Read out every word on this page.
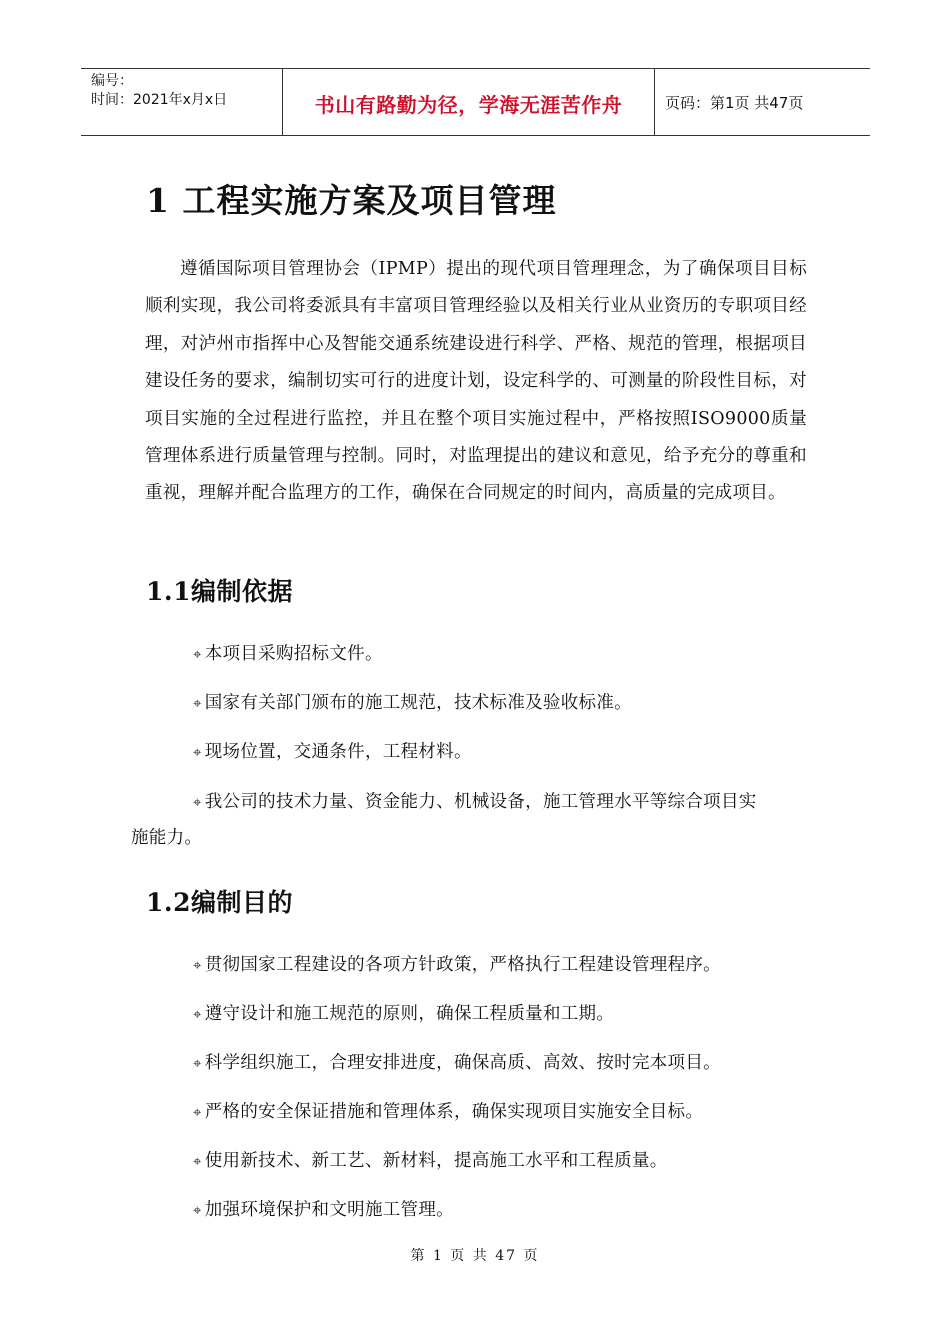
编号：
时间：2021年x月x日	书山有路勤为径，学海无涯苦作舟	页码：第1页 共47页
1 工程实施方案及项目管理

遵循国际项目管理协会（IPMP）提出的现代项目管理理念，为了确保项目目标顺利实现，我公司将委派具有丰富项目管理经验以及相关行业从业资历的专职项目经理，对泸州市指挥中心及智能交通系统建设进行科学、严格、规范的管理，根据项目建设任务的要求，编制切实可行的进度计划，设定科学的、可测量的阶段性目标，对项目实施的全过程进行监控，并且在整个项目实施过程中，严格按照ISO9000质量管理体系进行质量管理与控制。同时，对监理提出的建议和意见，给予充分的尊重和重视，理解并配合监理方的工作，确保在合同规定的时间内，高质量的完成项目。

1.1编制依据

⌖ 本项目采购招标文件。

⌖ 国家有关部门颁布的施工规范，技术标准及验收标准。

⌖ 现场位置，交通条件，工程材料。

⌖ 我公司的技术力量、资金能力、机械设备，施工管理水平等综合项目实
施能力。

1.2编制目的

⌖ 贯彻国家工程建设的各项方针政策，严格执行工程建设管理程序。

⌖ 遵守设计和施工规范的原则，确保工程质量和工期。

⌖ 科学组织施工，合理安排进度，确保高质、高效、按时完本项目。

⌖ 严格的安全保证措施和管理体系，确保实现项目实施安全目标。

⌖ 使用新技术、新工艺、新材料，提高施工水平和工程质量。

⌖ 加强环境保护和文明施工管理。

第 1 页 共 47 页
